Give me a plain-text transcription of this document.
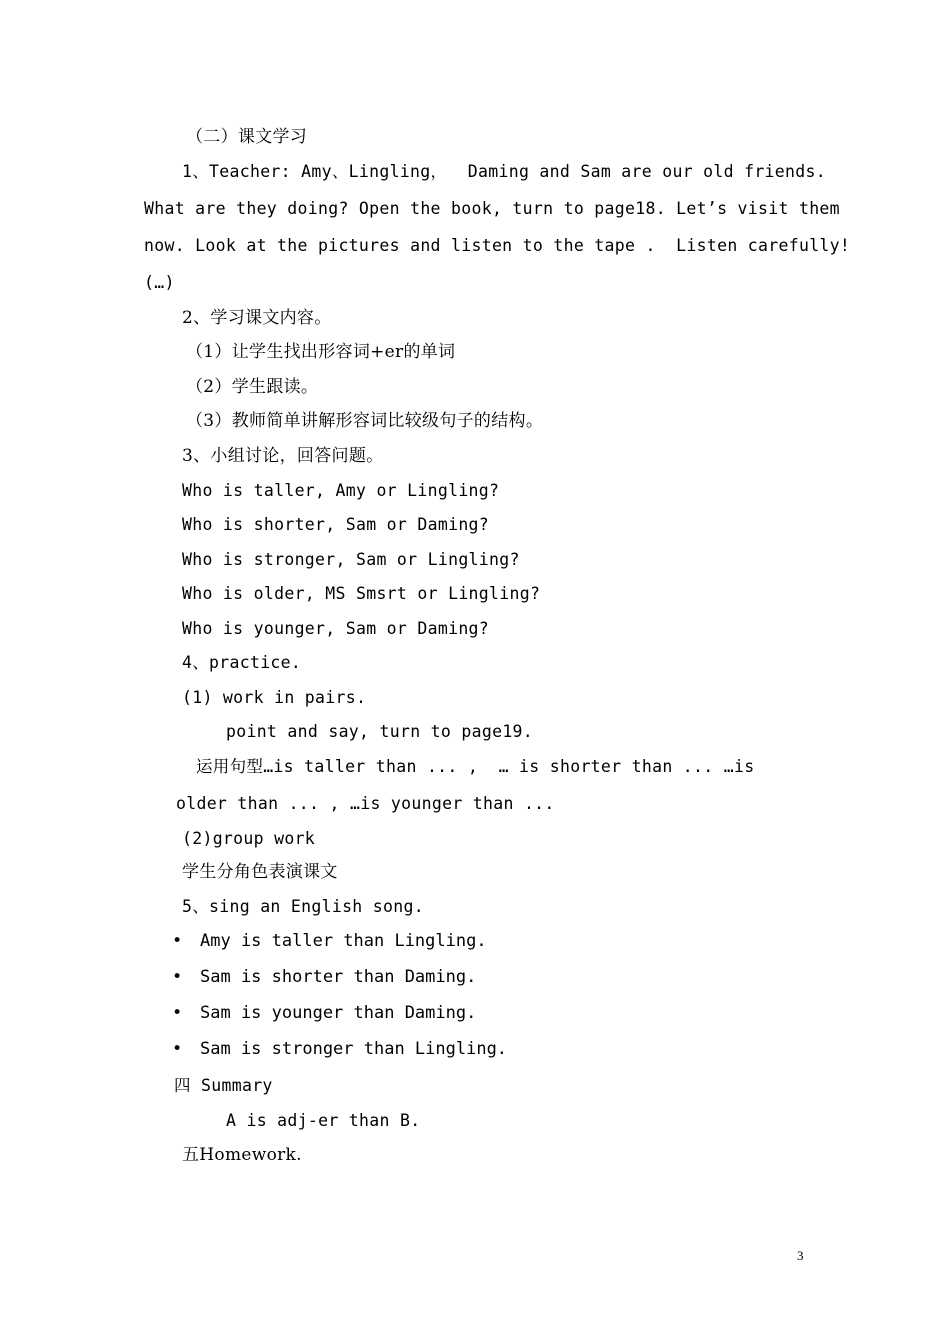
（二）课文学习
1、Teacher: Amy、Lingling，  Daming and Sam are our old friends.
What are they doing? Open the book, turn to page18. Let’s visit them
now. Look at the pictures and listen to the tape .  Listen carefully!
(…)
2、学习课文内容。
（1）让学生找出形容词+er的单词
（2）学生跟读。
（3）教师简单讲解形容词比较级句子的结构。
3、小组讨论，回答问题。
Who is taller, Amy or Lingling?
Who is shorter, Sam or Daming?
Who is stronger, Sam or Lingling?
Who is older, MS Smsrt or Lingling?
Who is younger, Sam or Daming?
4、practice.
(1) work in pairs.
point and say, turn to page19.
运用句型…is taller than ... ,  … is shorter than ... …is
older than ... , …is younger than ...
(2)group work
学生分角色表演课文
5、sing an English song.
• Amy is taller than Lingling.
• Sam is shorter than Daming.
• Sam is younger than Daming.
• Sam is stronger than Lingling.
四 Summary
A is adj-er than B.
五Homework.
3
